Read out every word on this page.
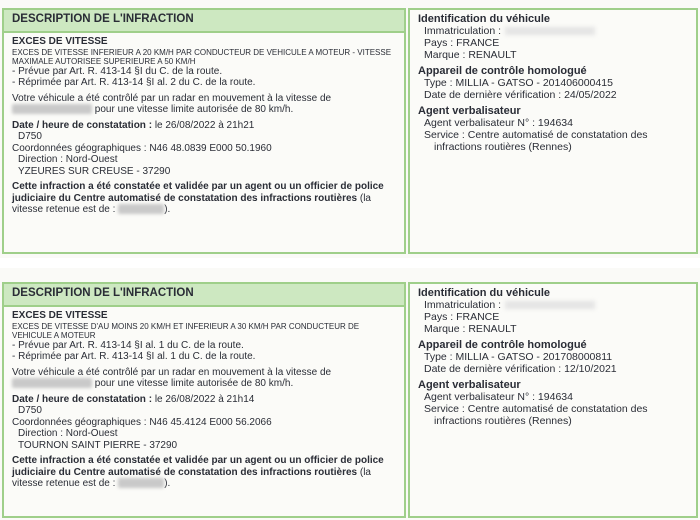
DESCRIPTION DE L'INFRACTION
EXCES DE VITESSE
EXCES DE VITESSE INFERIEUR A 20 KM/H PAR CONDUCTEUR DE VEHICULE A MOTEUR - VITESSE MAXIMALE AUTORISEE SUPERIEURE A 50 KM/H
- Prévue par Art. R. 413-14 §I du C. de la route.
- Réprimée par Art. R. 413-14 §I al. 2 du C. de la route.
Votre véhicule a été contrôlé par un radar en mouvement à la vitesse de
pour une vitesse limite autorisée de 80 km/h.
Date / heure de constatation : le 26/08/2022 à 21h21
D750
Coordonnées géographiques : N46 48.0839 E000 50.1960
Direction : Nord-Ouest
YZEURES SUR CREUSE - 37290
Cette infraction a été constatée et validée par un agent ou un officier de police judiciaire du Centre automatisé de constatation des infractions routières (la vitesse retenue est de :	).
Identification du véhicule
Immatriculation :
Pays : FRANCE
Marque : RENAULT
Appareil de contrôle homologué
Type : MILLIA - GATSO - 201406000415
Date de dernière vérification : 24/05/2022
Agent verbalisateur
Agent verbalisateur N° : 194634
Service : Centre automatisé de constatation des
infractions routières (Rennes)
DESCRIPTION DE L'INFRACTION
EXCES DE VITESSE
EXCES DE VITESSE D'AU MOINS 20 KM/H ET INFERIEUR A 30 KM/H PAR CONDUCTEUR DE VEHICULE A MOTEUR
- Prévue par Art. R. 413-14 §I al. 1 du C. de la route.
- Réprimée par Art. R. 413-14 §I al. 1 du C. de la route.
Votre véhicule a été contrôlé par un radar en mouvement à la vitesse de
pour une vitesse limite autorisée de 80 km/h.
Date / heure de constatation : le 26/08/2022 à 21h14
D750
Coordonnées géographiques : N46 45.4124 E000 56.2066
Direction : Nord-Ouest
TOURNON SAINT PIERRE - 37290
Cette infraction a été constatée et validée par un agent ou un officier de police judiciaire du Centre automatisé de constatation des infractions routières (la vitesse retenue est de :	).
Identification du véhicule
Immatriculation :
Pays : FRANCE
Marque : RENAULT
Appareil de contrôle homologué
Type : MILLIA - GATSO - 201708000811
Date de dernière vérification : 12/10/2021
Agent verbalisateur
Agent verbalisateur N° : 194634
Service : Centre automatisé de constatation des
infractions routières (Rennes)
